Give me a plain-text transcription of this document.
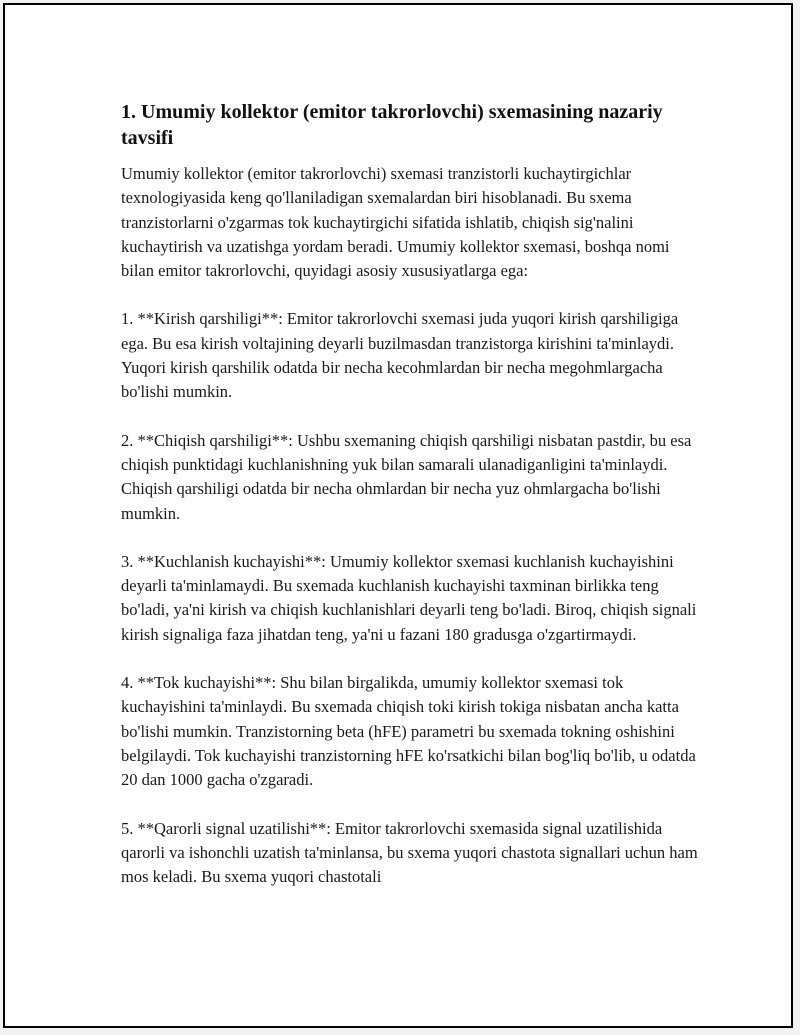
1. Umumiy kollektor (emitor takrorlovchi) sxemasining nazariy tavsifi

Umumiy kollektor (emitor takrorlovchi) sxemasi tranzistorli kuchaytirgichlar texnologiyasida keng qo'llaniladigan sxemalardan biri hisoblanadi. Bu sxema tranzistorlarni o'zgarmas tok kuchaytirgichi sifatida ishlatib, chiqish sig'nalini kuchaytirish va uzatishga yordam beradi. Umumiy kollektor sxemasi, boshqa nomi bilan emitor takrorlovchi, quyidagi asosiy xususiyatlarga ega:

1. **Kirish qarshiligi**: Emitor takrorlovchi sxemasi juda yuqori kirish qarshiligiga ega. Bu esa kirish voltajining deyarli buzilmasdan tranzistorga kirishini ta'minlaydi. Yuqori kirish qarshilik odatda bir necha kecohmlardan bir necha megohmlargacha bo'lishi mumkin.

2. **Chiqish qarshiligi**: Ushbu sxemaning chiqish qarshiligi nisbatan pastdir, bu esa chiqish punktidagi kuchlanishning yuk bilan samarali ulanadiganligini ta'minlaydi. Chiqish qarshiligi odatda bir necha ohmlardan bir necha yuz ohmlargacha bo'lishi mumkin.

3. **Kuchlanish kuchayishi**: Umumiy kollektor sxemasi kuchlanish kuchayishini deyarli ta'minlamaydi. Bu sxemada kuchlanish kuchayishi taxminan birlikka teng bo'ladi, ya'ni kirish va chiqish kuchlanishlari deyarli teng bo'ladi. Biroq, chiqish signali kirish signaliga faza jihatdan teng, ya'ni u fazani 180 gradusga o'zgartirmaydi.

4. **Tok kuchayishi**: Shu bilan birgalikda, umumiy kollektor sxemasi tok kuchayishini ta'minlaydi. Bu sxemada chiqish toki kirish tokiga nisbatan ancha katta bo'lishi mumkin. Tranzistorning beta (hFE) parametri bu sxemada tokning oshishini belgilaydi. Tok kuchayishi tranzistorning hFE ko'rsatkichi bilan bog'liq bo'lib, u odatda 20 dan 1000 gacha o'zgaradi.

5. **Qarorli signal uzatilishi**: Emitor takrorlovchi sxemasida signal uzatilishida qarorli va ishonchli uzatish ta'minlansa, bu sxema yuqori chastota signallari uchun ham mos keladi. Bu sxema yuqori chastotali
